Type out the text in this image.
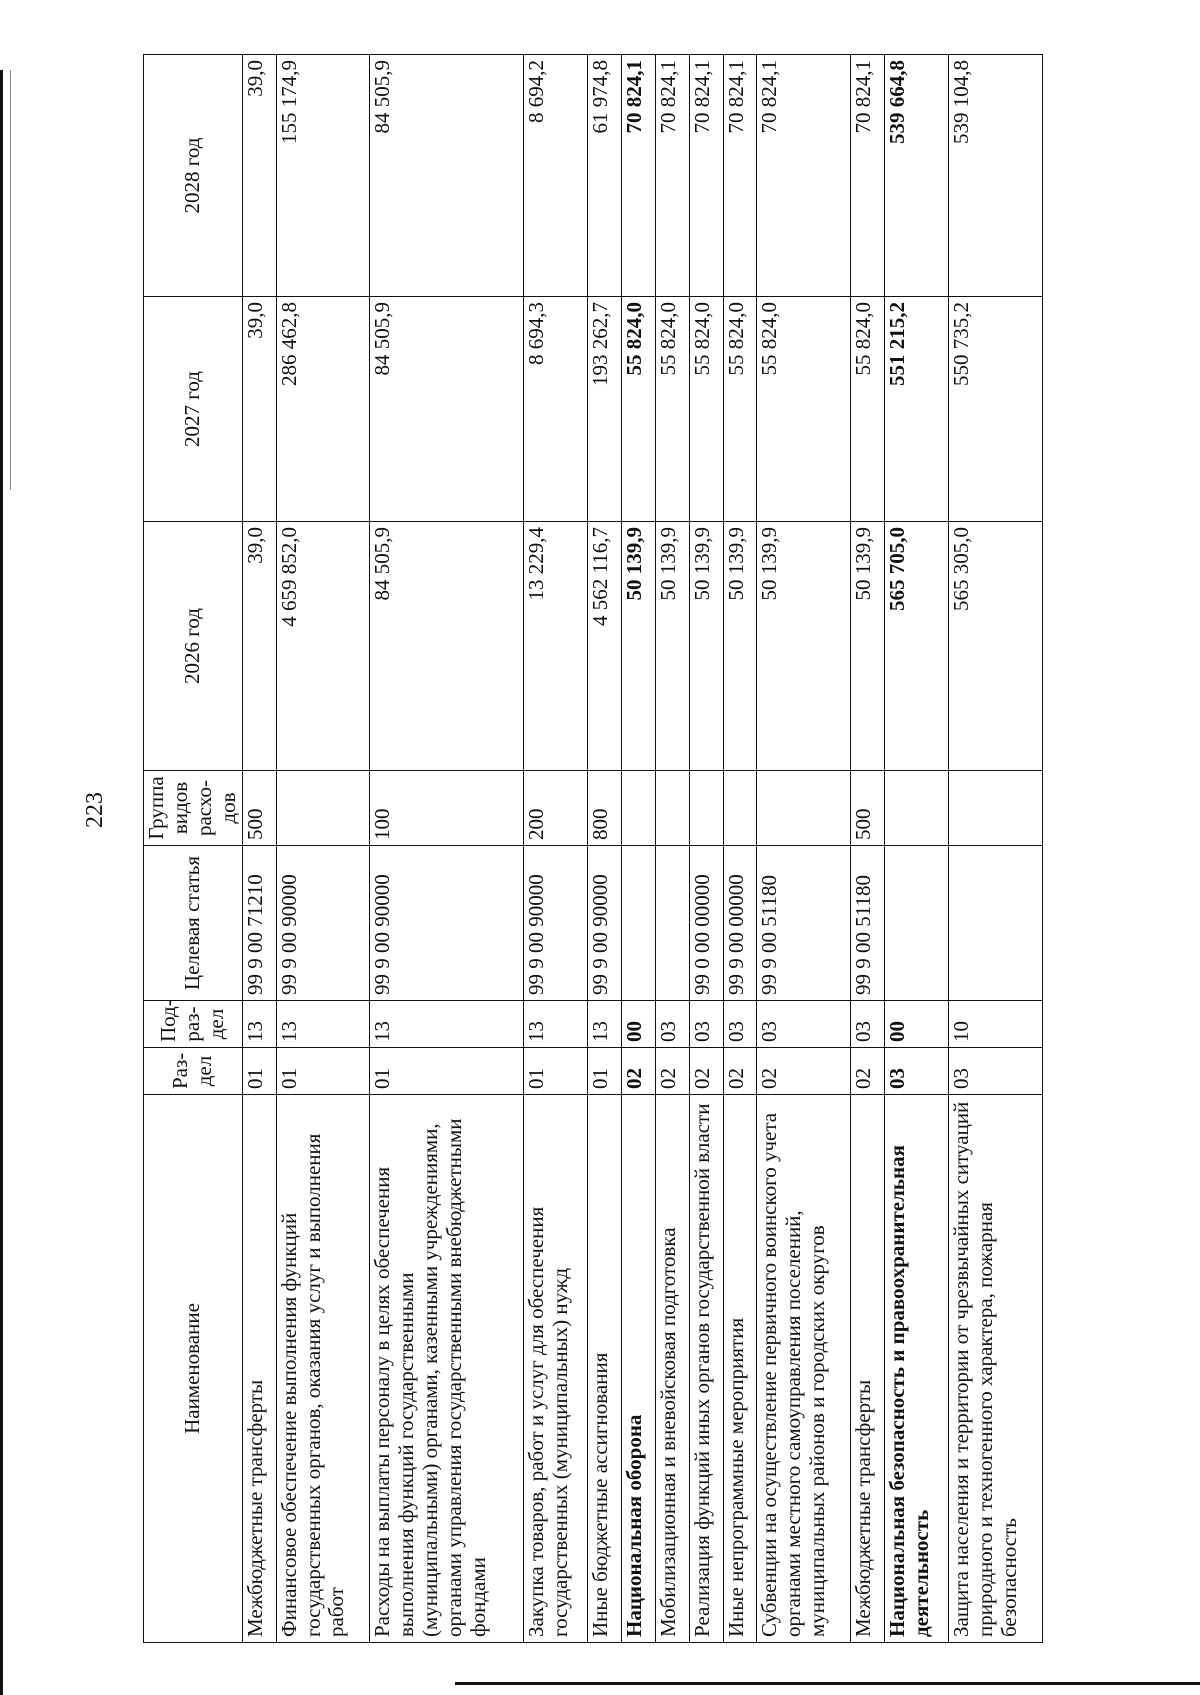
223
Наименование	Раз-дел	Под-раз-дел	Целевая статья	Группа видов расхо-дов	2026 год	2027 год	2028 год
Межбюджетные трансферты	01	13	99 9 00 71210	500	39,0	39,0	39,0
Финансовое обеспечение выполнения функций государственных органов, оказания услуг и выполнения работ	01	13	99 9 00 90000		4 659 852,0	286 462,8	155 174,9
Расходы на выплаты персоналу в целях обеспечения выполнения функций государственными (муниципальными) органами, казенными учреждениями, органами управления государственными внебюджетными фондами	01	13	99 9 00 90000	100	84 505,9	84 505,9	84 505,9
Закупка товаров, работ и услуг для обеспечения государственных (муниципальных) нужд	01	13	99 9 00 90000	200	13 229,4	8 694,3	8 694,2
Иные бюджетные ассигнования	01	13	99 9 00 90000	800	4 562 116,7	193 262,7	61 974,8
Национальная оборона	02	00			50 139,9	55 824,0	70 824,1
Мобилизационная и вневойсковая подготовка	02	03			50 139,9	55 824,0	70 824,1
Реализация функций иных органов государственной власти	02	03	99 0 00 00000		50 139,9	55 824,0	70 824,1
Иные непрограммные мероприятия	02	03	99 9 00 00000		50 139,9	55 824,0	70 824,1
Субвенции на осуществление первичного воинского учета органами местного самоуправления поселений, муниципальных районов и городских округов	02	03	99 9 00 51180		50 139,9	55 824,0	70 824,1
Межбюджетные трансферты	02	03	99 9 00 51180	500	50 139,9	55 824,0	70 824,1
Национальная безопасность и правоохранительная деятельность	03	00			565 705,0	551 215,2	539 664,8
Защита населения и территории от чрезвычайных ситуаций природного и техногенного характера, пожарная безопасность	03	10			565 305,0	550 735,2	539 104,8
